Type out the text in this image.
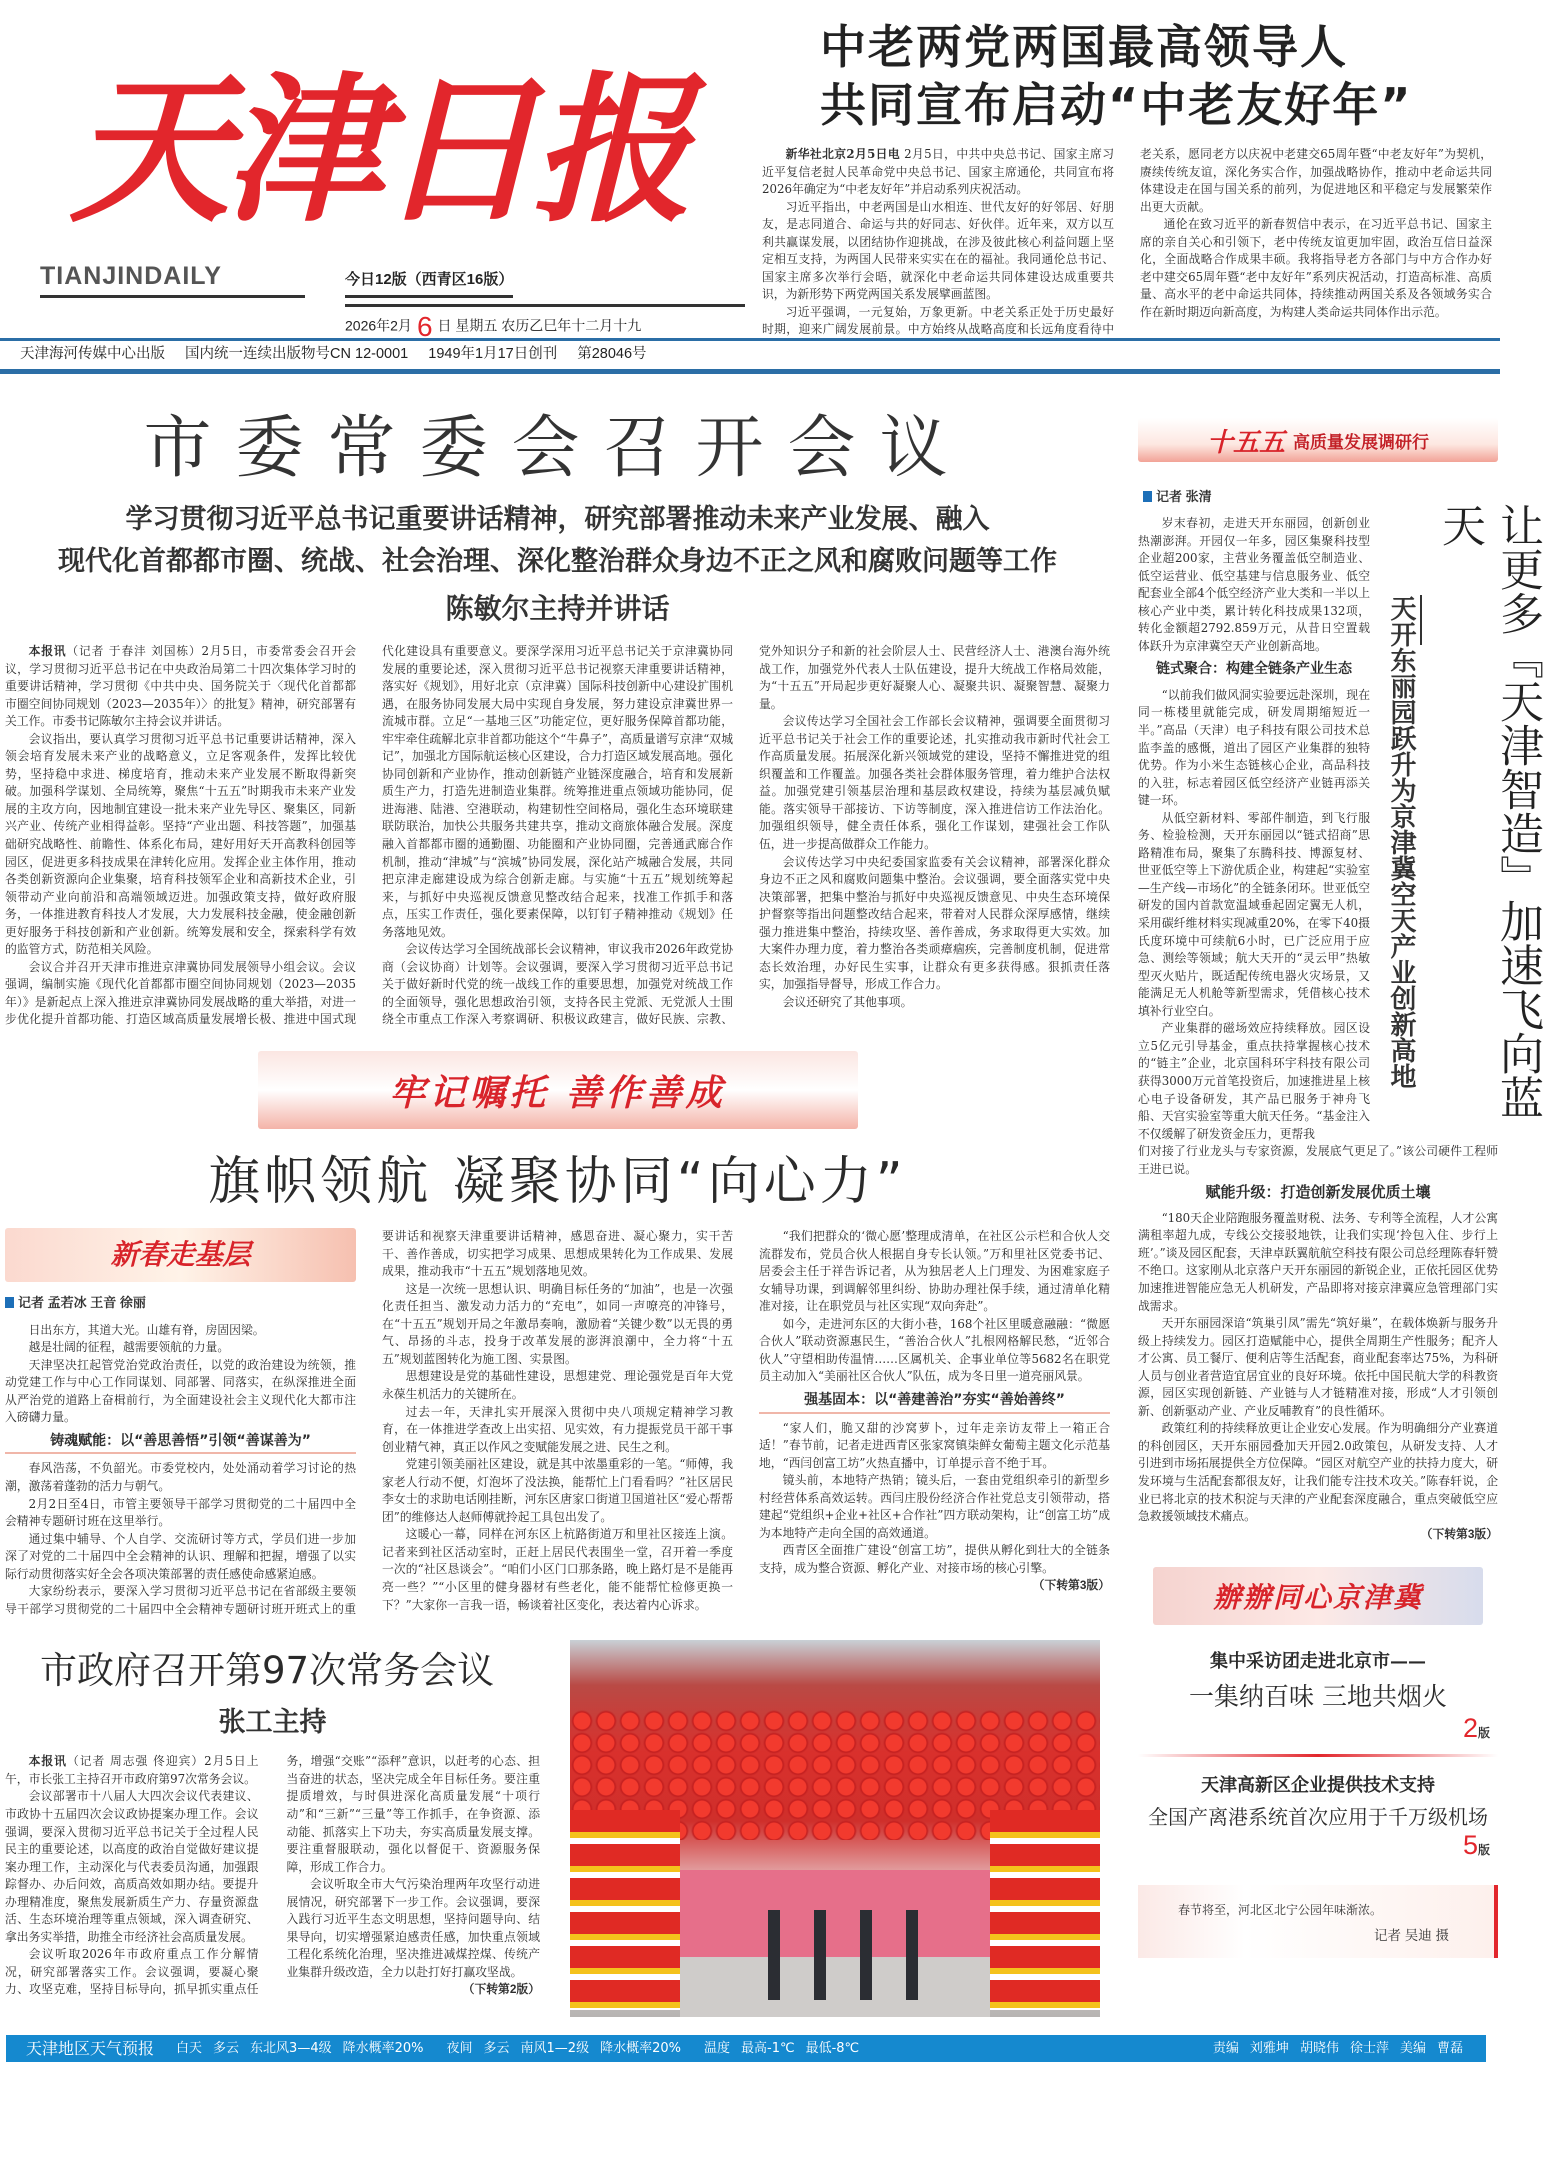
天津日报
TIANJINDAILY	今日12版（西青区16版）
2026年2月 6 日 星期五 农历乙巳年十二月十九
中老两党两国最高领导人
共同宣布启动“中老友好年”

新华社北京2月5日电 2月5日，中共中央总书记、国家主席习近平复信老挝人民革命党中央总书记、国家主席通伦，共同宣布将2026年确定为“中老友好年”并启动系列庆祝活动。

习近平指出，中老两国是山水相连、世代友好的好邻居、好朋友，是志同道合、命运与共的好同志、好伙伴。近年来，双方以互利共赢谋发展，以团结协作迎挑战，在涉及彼此核心利益问题上坚定相互支持，为两国人民带来实实在在的福祉。我同通伦总书记、国家主席多次举行会晤，就深化中老命运共同体建设达成重要共识，为新形势下两党两国关系发展擘画蓝图。

习近平强调，一元复始，万象更新。中老关系正处于历史最好时期，迎来广阔发展前景。中方始终从战略高度和长远角度看待中老关系，愿同老方以庆祝中老建交65周年暨“中老友好年”为契机，赓续传统友谊，深化务实合作，加强战略协作，推动中老命运共同体建设走在国与国关系的前列，为促进地区和平稳定与发展繁荣作出更大贡献。

通伦在致习近平的新春贺信中表示，在习近平总书记、国家主席的亲自关心和引领下，老中传统友谊更加牢固，政治互信日益深化，全面战略合作成果丰硕。我将指导老方各部门与中方合作办好老中建交65周年暨“老中友好年”系列庆祝活动，打造高标准、高质量、高水平的老中命运共同体，持续推动两国关系及各领域务实合作在新时期迈向新高度，为构建人类命运共同体作出示范。

天津海河传媒中心出版 国内统一连续出版物号CN 12-0001 1949年1月17日创刊 第28046号
市委常委会召开会议
学习贯彻习近平总书记重要讲话精神，研究部署推动未来产业发展、融入
现代化首都都市圈、统战、社会治理、深化整治群众身边不正之风和腐败问题等工作
陈敏尔主持并讲话

本报讯（记者 于春沣 刘国栋）2月5日，市委常委会召开会议，学习贯彻习近平总书记在中央政治局第二十四次集体学习时的重要讲话精神，学习贯彻《中共中央、国务院关于〈现代化首都都市圈空间协同规划（2023—2035年）〉的批复》精神，研究部署有关工作。市委书记陈敏尔主持会议并讲话。

会议指出，要认真学习贯彻习近平总书记重要讲话精神，深入领会培育发展未来产业的战略意义，立足客观条件，发挥比较优势，坚持稳中求进、梯度培育，推动未来产业发展不断取得新突破。加强科学谋划、全局统筹，聚焦“十五五”时期我市未来产业发展的主攻方向，因地制宜建设一批未来产业先导区、聚集区，同新兴产业、传统产业相得益彰。坚持“产业出题、科技答题”，加强基础研究战略性、前瞻性、体系化布局，建好用好天开高教科创园等园区，促进更多科技成果在津转化应用。发挥企业主体作用，推动各类创新资源向企业集聚，培育科技领军企业和高新技术企业，引领带动产业向前沿和高端领域迈进。加强政策支持，做好政府服务，一体推进教育科技人才发展，大力发展科技金融，使金融创新更好服务于科技创新和产业创新。统筹发展和安全，探索科学有效的监管方式，防范相关风险。

会议合并召开天津市推进京津冀协同发展领导小组会议。会议强调，编制实施《现代化首都都市圈空间协同规划（2023—2035年）》是新起点上深入推进京津冀协同发展战略的重大举措，对进一步优化提升首都功能、打造区域高质量发展增长极、推进中国式现代化建设具有重要意义。要深学深用习近平总书记关于京津冀协同发展的重要论述，深入贯彻习近平总书记视察天津重要讲话精神，落实好《规划》，用好北京（京津冀）国际科技创新中心建设扩围机遇，在服务协同发展大局中实现自身发展，努力建设京津冀世界一流城市群。立足“一基地三区”功能定位，更好服务保障首都功能，牢牢牵住疏解北京非首都功能这个“牛鼻子”，高质量谱写京津“双城记”，加强北方国际航运核心区建设，合力打造区域发展高地。强化协同创新和产业协作，推动创新链产业链深度融合，培育和发展新质生产力，打造先进制造业集群。统筹推进重点领域功能协同，促进海港、陆港、空港联动，构建韧性空间格局，强化生态环境联建联防联治，加快公共服务共建共享，推动文商旅体融合发展。深度融入首都都市圈的通勤圈、功能圈和产业协同圈，完善通武廊合作机制，推动“津城”与“滨城”协同发展，深化站产城融合发展，共同把京津走廊建设成为综合创新走廊。与实施“十五五”规划统筹起来，与抓好中央巡视反馈意见整改结合起来，找准工作抓手和落点，压实工作责任，强化要素保障，以钉钉子精神推动《规划》任务落地见效。

会议传达学习全国统战部长会议精神，审议我市2026年政党协商（会议协商）计划等。会议强调，要深入学习贯彻习近平总书记关于做好新时代党的统一战线工作的重要思想，加强党对统战工作的全面领导，强化思想政治引领，支持各民主党派、无党派人士围绕全市重点工作深入考察调研、积极议政建言，做好民族、宗教、党外知识分子和新的社会阶层人士、民营经济人士、港澳台海外统战工作，加强党外代表人士队伍建设，提升大统战工作格局效能，为“十五五”开局起步更好凝聚人心、凝聚共识、凝聚智慧、凝聚力量。

会议传达学习全国社会工作部长会议精神，强调要全面贯彻习近平总书记关于社会工作的重要论述，扎实推动我市新时代社会工作高质量发展。拓展深化新兴领域党的建设，坚持不懈推进党的组织覆盖和工作覆盖。加强各类社会群体服务管理，着力维护合法权益。加强党建引领基层治理和基层政权建设，持续为基层减负赋能。落实领导干部接访、下访等制度，深入推进信访工作法治化。加强组织领导，健全责任体系，强化工作谋划，建强社会工作队伍，进一步提高做群众工作能力。

会议传达学习中央纪委国家监委有关会议精神，部署深化群众身边不正之风和腐败问题集中整治。会议强调，要全面落实党中央决策部署，把集中整治与抓好中央巡视反馈意见、中央生态环境保护督察等指出问题整改结合起来，带着对人民群众深厚感情，继续强力推进集中整治，持续攻坚、善作善成，务求取得更大实效。加大案件办理力度，着力整治各类顽瘴痼疾，完善制度机制，促进常态长效治理，办好民生实事，让群众有更多获得感。狠抓责任落实，加强指导督导，形成工作合力。

会议还研究了其他事项。

牢记嘱托 善作善成
旗帜领航 凝聚协同“向心力”
新春走基层
记者 孟若冰 王音 徐丽

日出东方，其道大光。山雄有脊，房固因梁。

越是壮阔的征程，越需要领航的力量。

天津坚决扛起管党治党政治责任，以党的政治建设为统领，推动党建工作与中心工作同谋划、同部署、同落实，在纵深推进全面从严治党的道路上奋楫前行，为全面建设社会主义现代化大都市注入磅礴力量。

铸魂赋能：以“善思善悟”引领“善谋善为”

春风浩荡，不负韶光。市委党校内，处处涌动着学习讨论的热潮，激荡着蓬勃的活力与朝气。

2月2日至4日，市管主要领导干部学习贯彻党的二十届四中全会精神专题研讨班在这里举行。

通过集中辅导、个人自学、交流研讨等方式，学员们进一步加深了对党的二十届四中全会精神的认识、理解和把握，增强了以实际行动贯彻落实好全会各项决策部署的责任感使命感紧迫感。

大家纷纷表示，要深入学习贯彻习近平总书记在省部级主要领导干部学习贯彻党的二十届四中全会精神专题研讨班开班式上的重要讲话和视察天津重要讲话精神，感恩奋进、凝心聚力，实干苦干、善作善成，切实把学习成果、思想成果转化为工作成果、发展成果，推动我市“十五五”规划落地见效。

这是一次统一思想认识、明确目标任务的“加油”，也是一次强化责任担当、激发动力活力的“充电”，如同一声嘹亮的冲锋号，在“十五五”规划开局之年激昂奏响，激励着“关键少数”以无畏的勇气、昂扬的斗志，投身于改革发展的澎湃浪潮中，全力将“十五五”规划蓝图转化为施工图、实景图。

思想建设是党的基础性建设，思想建党、理论强党是百年大党永葆生机活力的关键所在。

过去一年，天津扎实开展深入贯彻中央八项规定精神学习教育，在一体推进学查改上出实招、见实效，有力提振党员干部干事创业精气神，真正以作风之变赋能发展之进、民生之利。

党建引领美丽社区建设，就是其中浓墨重彩的一笔。“师傅，我家老人行动不便，灯泡坏了没法换，能帮忙上门看看吗？”社区居民李女士的求助电话刚挂断，河东区唐家口街道卫国道社区“爱心帮帮团”的维修达人赵师傅就拎起工具包出发了。

这暖心一幕，同样在河东区上杭路街道万和里社区接连上演。记者来到社区活动室时，正赶上居民代表围坐一堂，召开着一季度一次的“社区恳谈会”。“咱们小区门口那条路，晚上路灯是不是能再亮一些？”“小区里的健身器材有些老化，能不能帮忙检修更换一下？”大家你一言我一语，畅谈着社区变化，表达着内心诉求。

“我们把群众的‘微心愿’整理成清单，在社区公示栏和合伙人交流群发布，党员合伙人根据自身专长认领。”万和里社区党委书记、居委会主任于祥告诉记者，从为独居老人上门理发、为困难家庭子女辅导功课，到调解邻里纠纷、协助办理社保手续，通过清单化精准对接，让在职党员与社区实现“双向奔赴”。

如今，走进河东区的大街小巷，168个社区里暖意融融：“微愿合伙人”联动资源惠民生，“善治合伙人”扎根网格解民愁，“近邻合伙人”守望相助传温情……区属机关、企事业单位等5682名在职党员主动加入“美丽社区合伙人”队伍，成为冬日里一道亮丽风景。

强基固本：以“善建善治”夯实“善始善终”

“家人们，脆又甜的沙窝萝卜，过年走亲访友带上一箱正合适！”春节前，记者走进西青区张家窝镇柒鲜女葡萄主题文化示范基地，“西闫创富工坊”火热直播中，订单提示音不绝于耳。

镜头前，本地特产热销；镜头后，一套由党组织牵引的新型乡村经营体系高效运转。西闫庄股份经济合作社党总支引领带动，搭建起“党组织+企业+社区+合作社”四方联动架构，让“创富工坊”成为本地特产走向全国的高效通道。

西青区全面推广建设“创富工坊”，提供从孵化到壮大的全链条支持，成为整合资源、孵化产业、对接市场的核心引擎。

（下转第3版）

市政府召开第97次常务会议
张工主持

本报讯（记者 周志强 佟迎宾）2月5日上午，市长张工主持召开市政府第97次常务会议。

会议部署市十八届人大四次会议代表建议、市政协十五届四次会议政协提案办理工作。会议强调，要深入贯彻习近平总书记关于全过程人民民主的重要论述，以高度的政治自觉做好建议提案办理工作，主动深化与代表委员沟通，加强跟踪督办、办后问效，高质高效如期办结。要提升办理精准度，聚焦发展新质生产力、存量资源盘活、生态环境治理等重点领域，深入调查研究、拿出务实举措，助推全市经济社会高质量发展。

会议听取2026年市政府重点工作分解情况，研究部署落实工作。会议强调，要凝心聚力、攻坚克难，坚持目标导向，抓早抓实重点任务，增强“交账”“添秤”意识，以赶考的心态、担当奋进的状态，坚决完成全年目标任务。要注重提质增效，与时俱进深化高质量发展“十项行动”和“三新”“三量”等工作抓手，在争资源、添动能、抓落实上下功夫，夯实高质量发展支撑。要注重督服联动，强化以督促干、资源服务保障，形成工作合力。

会议听取全市大气污染治理两年攻坚行动进展情况，研究部署下一步工作。会议强调，要深入践行习近平生态文明思想，坚持问题导向、结果导向，切实增强紧迫感责任感，加快重点领域工程化系统化治理，坚决推进减煤控煤、传统产业集群升级改造，全力以赴打好打赢攻坚战。

（下转第2版）

十五五 高质量发展调研行
记者 张清
让更多『天津智造』加速飞向蓝天
天开东丽园跃升为京津冀空天产业创新高地

岁末春初，走进天开东丽园，创新创业热潮澎湃。开园仅一年多，园区集聚科技型企业超200家，主营业务覆盖低空制造业、低空运营业、低空基建与信息服务业、低空配套业全部4个低空经济产业大类和一半以上核心产业中类，累计转化科技成果132项，转化金额超2792.859万元，从昔日空置载体跃升为京津冀空天产业创新高地。

链式聚合：构建全链条产业生态

“以前我们做风洞实验要远赴深圳，现在同一栋楼里就能完成，研发周期缩短近一半。”高品（天津）电子科技有限公司技术总监李盖的感慨，道出了园区产业集群的独特优势。作为小米生态链核心企业，高品科技的入驻，标志着园区低空经济产业链再添关键一环。

从低空新材料、零部件制造，到飞行服务、检验检测，天开东丽园以“链式招商”思路精准布局，聚集了东腾科技、博源复材、世亚低空等上下游优质企业，构建起“实验室—生产线—市场化”的全链条闭环。世亚低空研发的国内首款宽温域垂起固定翼无人机，采用碳纤维材料实现减重20%，在零下40摄氏度环境中可续航6小时，已广泛应用于应急、测绘等领域；航大天开的“灵云甲”热敏型灭火贴片，既适配传统电器火灾场景，又能满足无人机舱等新型需求，凭借核心技术填补行业空白。

产业集群的磁场效应持续释放。园区设立5亿元引导基金，重点扶持掌握核心技术的“链主”企业，北京国科环宇科技有限公司获得3000万元首笔投资后，加速推进星上核心电子设备研发，其产品已服务于神舟飞船、天宫实验室等重大航天任务。“基金注入不仅缓解了研发资金压力，更帮我

们对接了行业龙头与专家资源，发展底气更足了。”该公司硬件工程师王进已说。

赋能升级：打造创新发展优质土壤

“180天企业陪跑服务覆盖财税、法务、专利等全流程，人才公寓满租率超九成，专线公交接驳地铁，让我们实现‘拎包入住、步行上班’。”谈及园区配套，天津卓跃翼航航空科技有限公司总经理陈春轩赞不绝口。这家刚从北京落户天开东丽园的新锐企业，正依托园区优势加速推进智能应急无人机研发，产品即将对接京津冀应急管理部门实战需求。

天开东丽园深谙“筑巢引凤”需先“筑好巢”，在载体焕新与服务升级上持续发力。园区打造赋能中心，提供全周期生产性服务；配齐人才公寓、员工餐厅、便利店等生活配套，商业配套率达75%，为科研人员与创业者营造宜居宜业的良好环境。依托中国民航大学的科教资源，园区实现创新链、产业链与人才链精准对接，形成“人才引领创新、创新驱动产业、产业反哺教育”的良性循环。

政策红利的持续释放更让企业安心发展。作为明确细分产业赛道的科创园区，天开东丽园叠加天开园2.0政策包，从研发支持、人才引进到市场拓展提供全方位保障。“园区对航空产业的扶持力度大，研发环境与生活配套都很友好，让我们能专注技术攻关。”陈春轩说，企业已将北京的技术积淀与天津的产业配套深度融合，重点突破低空应急救援领域技术痛点。

（下转第3版）

辦辦同心京津冀
集中采访团走进北京市——
一集纳百味 三地共烟火
2版
天津高新区企业提供技术支持
全国产离港系统首次应用于千万级机场
5版
春节将至，河北区北宁公园年味渐浓。
记者 吴迪 摄
天津地区天气预报 白天 多云 东北风3—4级 降水概率20% 夜间 多云 南风1—2级 降水概率20% 温度 最高-1℃ 最低-8℃	责编 刘雅坤 胡晓伟 徐士萍 美编 曹磊
